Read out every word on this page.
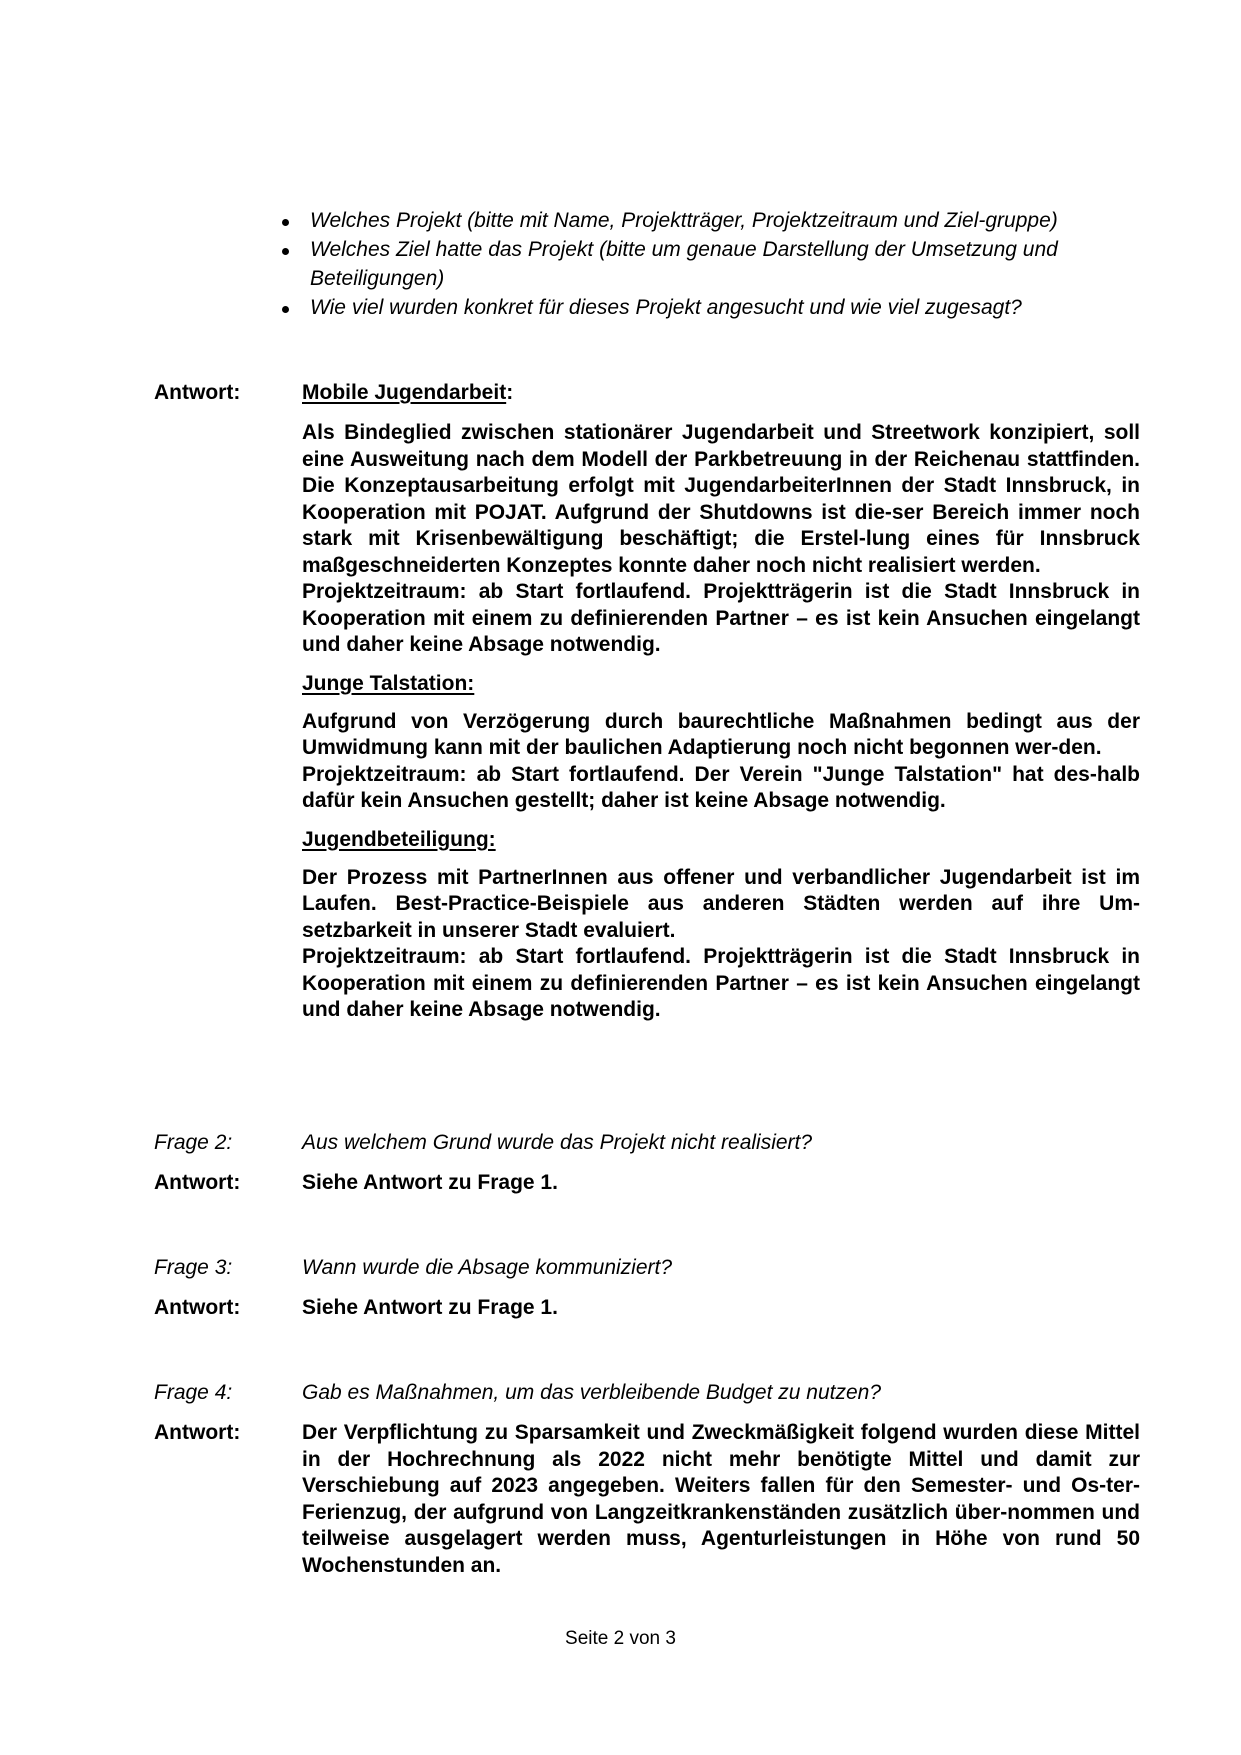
Welches Projekt (bitte mit Name, Projektträger, Projektzeitraum und Ziel-gruppe)
Welches Ziel hatte das Projekt (bitte um genaue Darstellung der Umsetzung und Beteiligungen)
Wie viel wurden konkret für dieses Projekt angesucht und wie viel zugesagt?
Antwort:	Mobile Jugendarbeit:

Als Bindeglied zwischen stationärer Jugendarbeit und Streetwork konzipiert, soll eine Ausweitung nach dem Modell der Parkbetreuung in der Reichenau stattfinden. Die Konzeptausarbeitung erfolgt mit JugendarbeiterInnen der Stadt Innsbruck, in Kooperation mit POJAT. Aufgrund der Shutdowns ist die-ser Bereich immer noch stark mit Krisenbewältigung beschäftigt; die Erstel-lung eines für Innsbruck maßgeschneiderten Konzeptes konnte daher noch nicht realisiert werden.

Projektzeitraum: ab Start fortlaufend. Projektträgerin ist die Stadt Innsbruck in Kooperation mit einem zu definierenden Partner – es ist kein Ansuchen eingelangt und daher keine Absage notwendig.

Junge Talstation:

Aufgrund von Verzögerung durch baurechtliche Maßnahmen bedingt aus der Umwidmung kann mit der baulichen Adaptierung noch nicht begonnen wer-den.

Projektzeitraum: ab Start fortlaufend. Der Verein "Junge Talstation" hat des-halb dafür kein Ansuchen gestellt; daher ist keine Absage notwendig.

Jugendbeteiligung:

Der Prozess mit PartnerInnen aus offener und verbandlicher Jugendarbeit ist im Laufen. Best-Practice-Beispiele aus anderen Städten werden auf ihre Um-setzbarkeit in unserer Stadt evaluiert.

Projektzeitraum: ab Start fortlaufend. Projektträgerin ist die Stadt Innsbruck in Kooperation mit einem zu definierenden Partner – es ist kein Ansuchen eingelangt und daher keine Absage notwendig.

Frage 2:	Aus welchem Grund wurde das Projekt nicht realisiert?
Antwort:	Siehe Antwort zu Frage 1.
Frage 3:	Wann wurde die Absage kommuniziert?
Antwort:	Siehe Antwort zu Frage 1.
Frage 4:	Gab es Maßnahmen, um das verbleibende Budget zu nutzen?
Antwort:	Der Verpflichtung zu Sparsamkeit und Zweckmäßigkeit folgend wurden diese Mittel in der Hochrechnung als 2022 nicht mehr benötigte Mittel und damit zur Verschiebung auf 2023 angegeben. Weiters fallen für den Semester- und Os-ter-Ferienzug, der aufgrund von Langzeitkrankenständen zusätzlich über-nommen und teilweise ausgelagert werden muss, Agenturleistungen in Höhe von rund 50 Wochenstunden an.

Seite 2 von 3
